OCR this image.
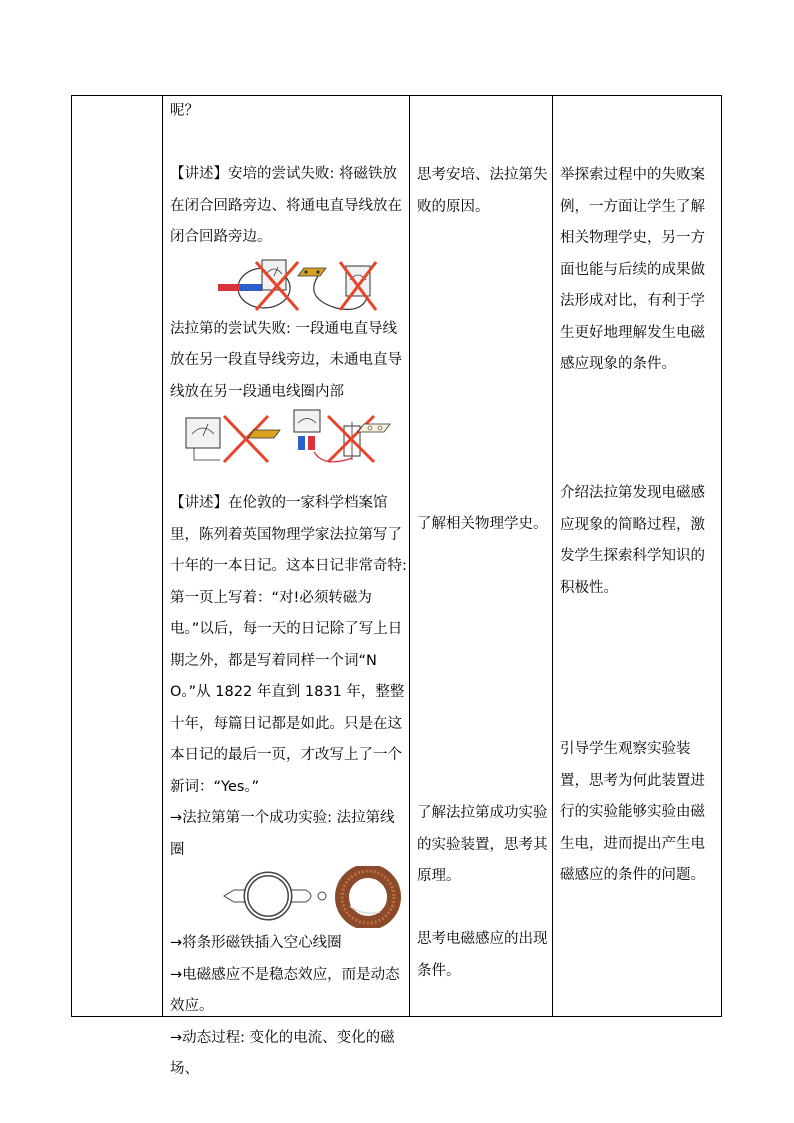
呢？

【讲述】安培的尝试失败: 将磁铁放在闭合回路旁边、将通电直导线放在闭合回路旁边。

法拉第的尝试失败: 一段通电直导线放在另一段直导线旁边，未通电直导线放在另一段通电线圈内部

【讲述】在伦敦的一家科学档案馆里，陈列着英国物理学家法拉第写了十年的一本日记。这本日记非常奇特: 第一页上写着：“对!必须转磁为电。”以后，每一天的日记除了写上日期之外，都是写着同样一个词“NO。”从 1822 年直到 1831 年，整整十年，每篇日记都是如此。只是在这本日记的最后一页，才改写上了一个新词：“Yes。”

→法拉第第一个成功实验: 法拉第线圈

→将条形磁铁插入空心线圈

→电磁感应不是稳态效应，而是动态效应。

→动态过程: 变化的电流、变化的磁场、

思考安培、法拉第失败的原因。

了解相关物理学史。

了解法拉第成功实验的实验装置，思考其原理。

思考电磁感应的出现条件。

举探索过程中的失败案例，一方面让学生了解相关物理学史，另一方面也能与后续的成果做法形成对比，有利于学生更好地理解发生电磁感应现象的条件。

介绍法拉第发现电磁感应现象的简略过程，激发学生探索科学知识的积极性。

引导学生观察实验装置，思考为何此装置进行的实验能够实验由磁生电，进而提出产生电磁感应的条件的问题。
